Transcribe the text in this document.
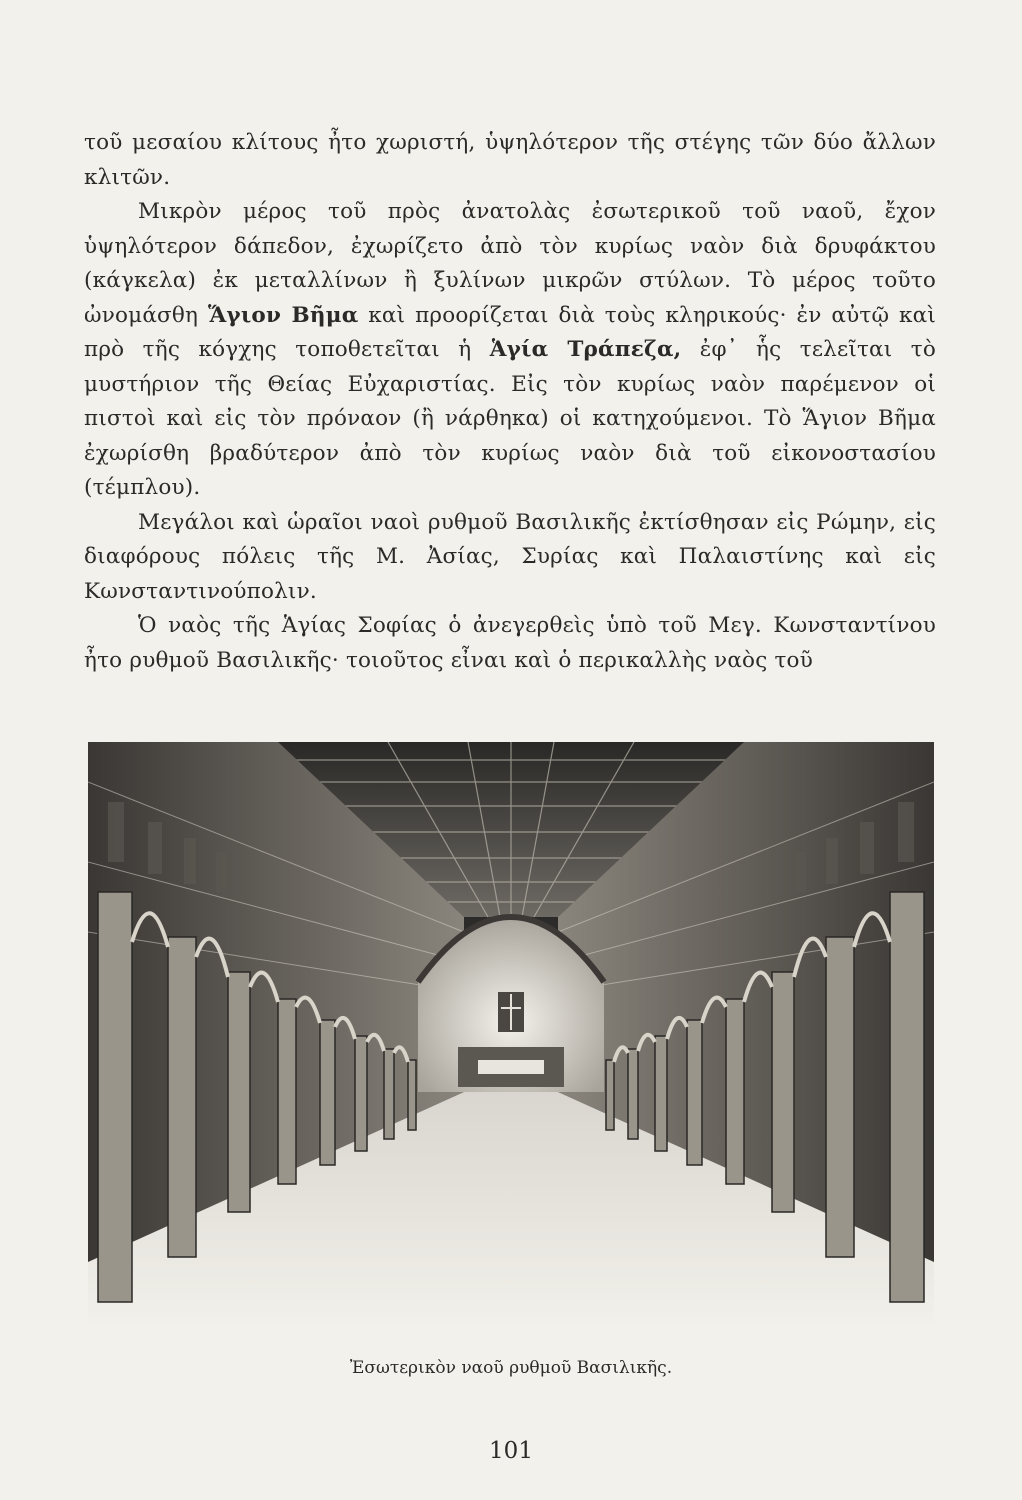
τοῦ μεσαίου κλίτους ἦτο χωριστή, ὑψηλότερον τῆς στέγης τῶν δύο ἄλλων κλιτῶν.

Μικρὸν μέρος τοῦ πρὸς ἀνατολὰς ἐσωτερικοῦ τοῦ ναοῦ, ἔχον ὑψηλότερον δάπεδον, ἐχωρίζετο ἀπὸ τὸν κυρίως ναὸν διὰ δρυφάκτου (κάγκελα) ἐκ μεταλλίνων ἢ ξυλίνων μικρῶν στύλων. Τὸ μέρος τοῦτο ὠνομάσθη Ἅγιον Βῆμα καὶ προορίζεται διὰ τοὺς κληρικούς· ἐν αὐτῷ καὶ πρὸ τῆς κόγχης τοποθετεῖται ἡ Ἁγία Τράπεζα, ἐφ᾽ ἧς τελεῖται τὸ μυστήριον τῆς Θείας Εὐχαριστίας. Εἰς τὸν κυρίως ναὸν παρέμενον οἱ πιστοὶ καὶ εἰς τὸν πρόναον (ἢ νάρθηκα) οἱ κατηχούμενοι. Τὸ Ἅγιον Βῆμα ἐχωρίσθη βραδύτερον ἀπὸ τὸν κυρίως ναὸν διὰ τοῦ εἰκονοστασίου (τέμπλου).

Μεγάλοι καὶ ὡραῖοι ναοὶ ρυθμοῦ Βασιλικῆς ἐκτίσθησαν εἰς Ρώμην, εἰς διαφόρους πόλεις τῆς Μ. Ἀσίας, Συρίας καὶ Παλαιστίνης καὶ εἰς Κωνσταντινούπολιν.

Ὁ ναὸς τῆς Ἁγίας Σοφίας ὁ ἀνεγερθεὶς ὑπὸ τοῦ Μεγ. Κωνσταντίνου ἦτο ρυθμοῦ Βασιλικῆς· τοιοῦτος εἶναι καὶ ὁ περικαλλὴς ναὸς τοῦ

Ἐσωτερικὸν ναοῦ ρυθμοῦ Βασιλικῆς.
101
